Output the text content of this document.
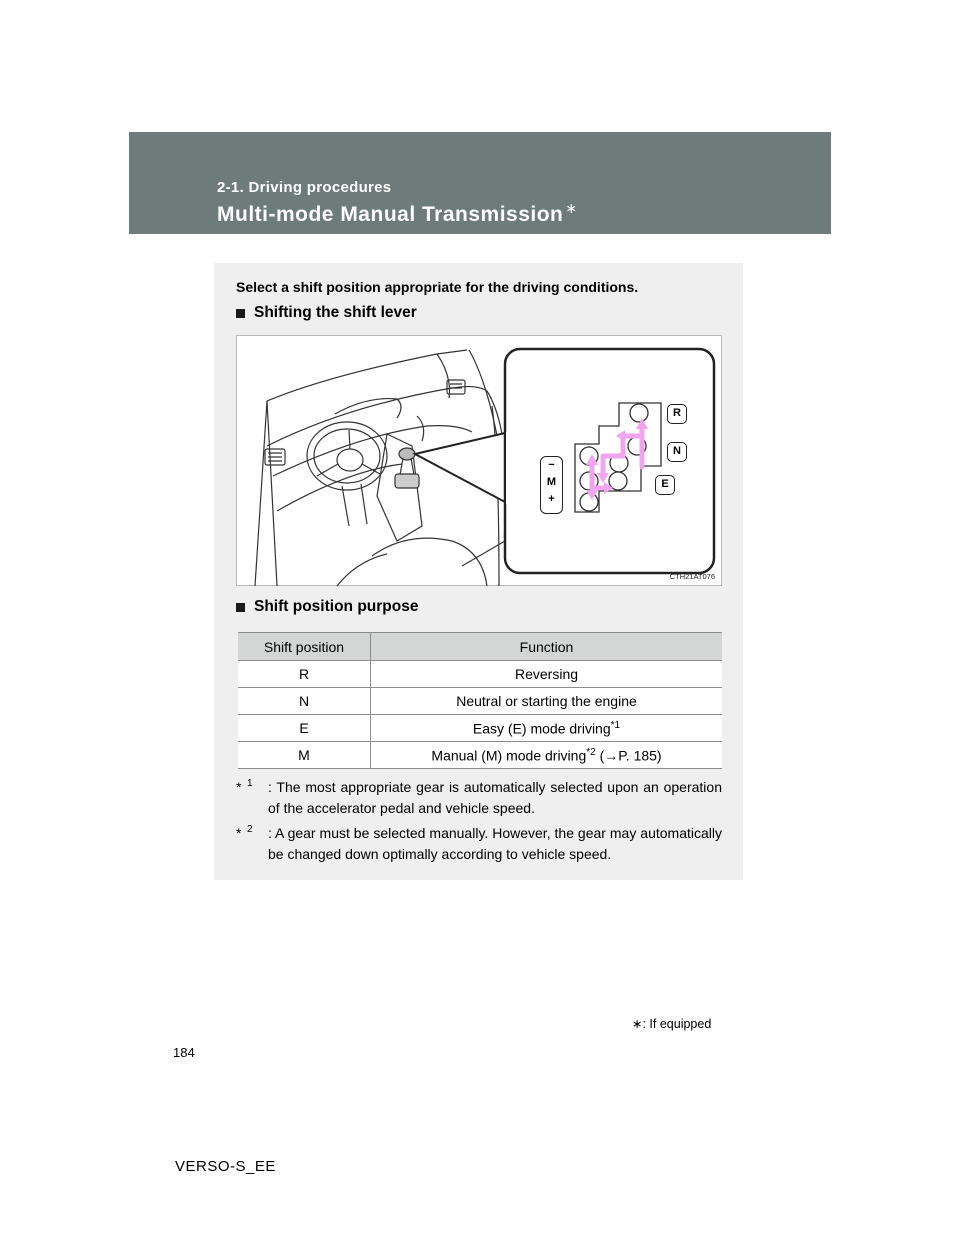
2-1. Driving procedures
Multi-mode Manual Transmission ∗
Select a shift position appropriate for the driving conditions.
Shifting the shift lever
R
N
E
−
M
+
CTH21AT076
Shift position purpose
Shift position	Function
R	Reversing
N	Neutral or starting the engine
E	Easy (E) mode driving$^{*1}$
M	Manual (M) mode driving$^{*2}$ (→P. 185)
* 1	: The most appropriate gear is automatically selected upon an operation of the accelerator pedal and vehicle speed.
* 2	: A gear must be selected manually. However, the gear may automatically be changed down optimally according to vehicle speed.
∗: If equipped
184
VERSO-S_EE
